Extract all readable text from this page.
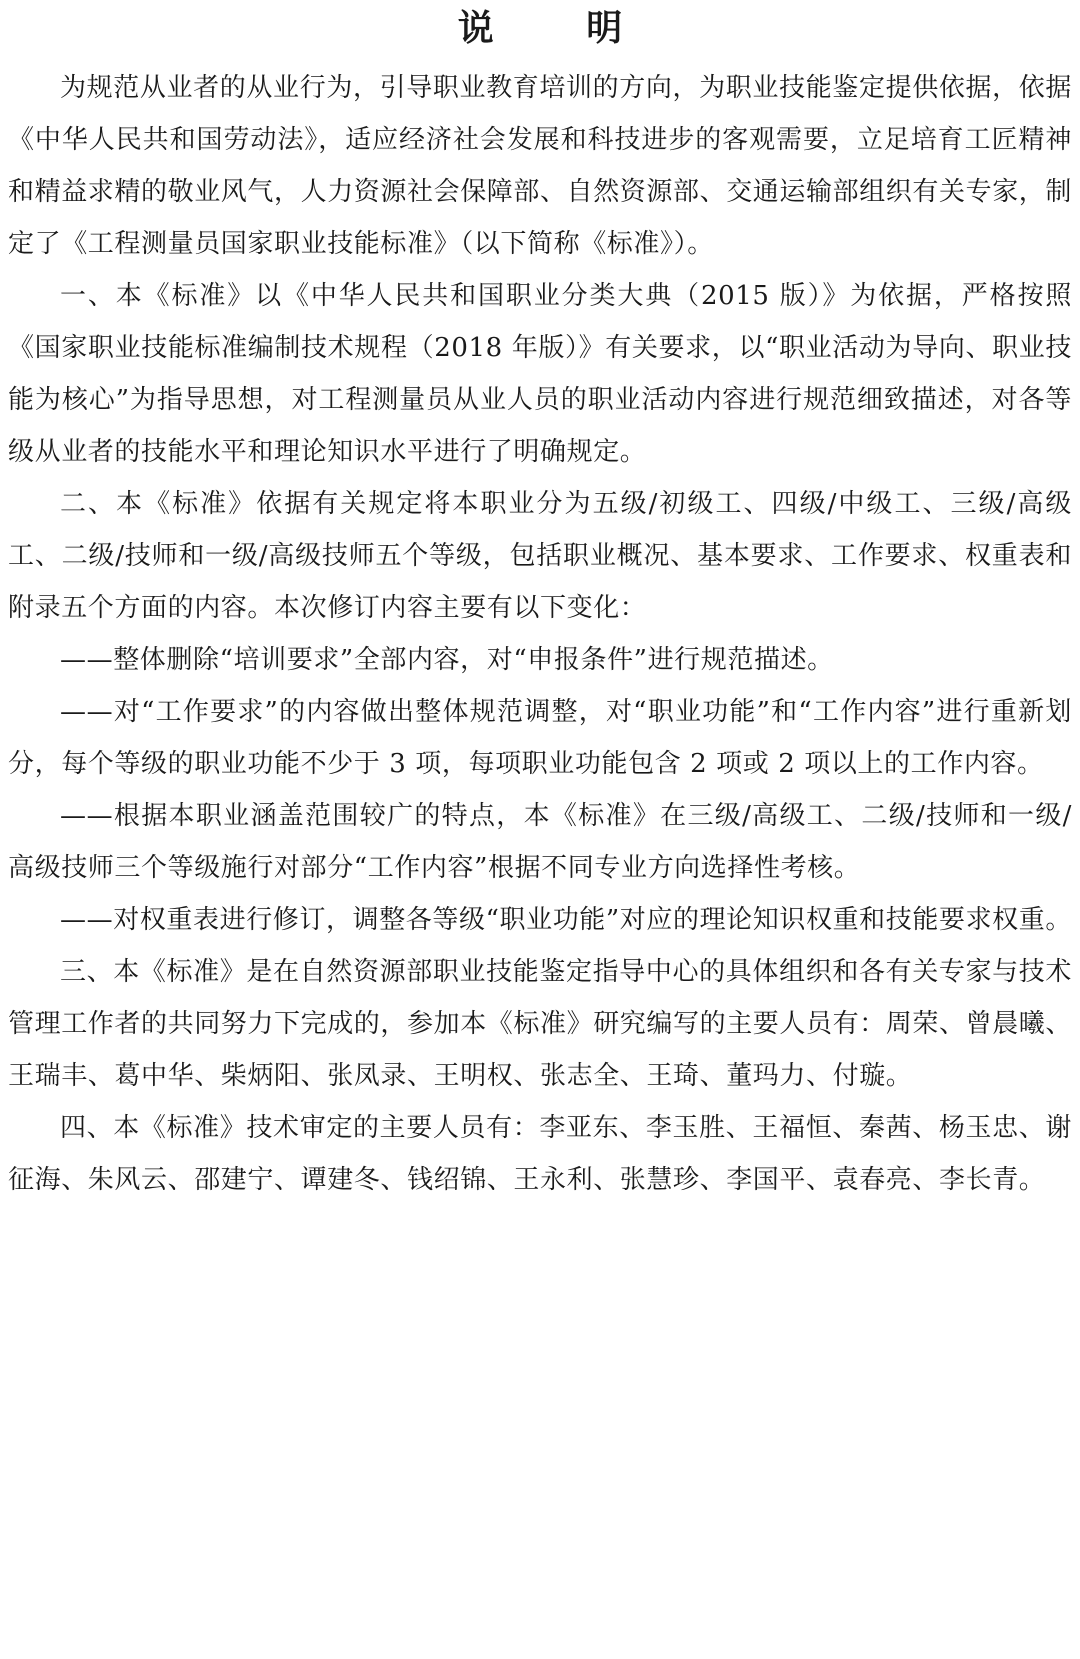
说 明

为规范从业者的从业行为，引导职业教育培训的方向，为职业技能鉴定提供依据，依据《中华人民共和国劳动法》，适应经济社会发展和科技进步的客观需要，立足培育工匠精神和精益求精的敬业风气，人力资源社会保障部、自然资源部、交通运输部组织有关专家，制定了《工程测量员国家职业技能标准》（以下简称《标准》）。

一、本《标准》以《中华人民共和国职业分类大典（2015 版）》为依据，严格按照《国家职业技能标准编制技术规程（2018 年版）》有关要求，以“职业活动为导向、职业技能为核心”为指导思想，对工程测量员从业人员的职业活动内容进行规范细致描述，对各等级从业者的技能水平和理论知识水平进行了明确规定。

二、本《标准》依据有关规定将本职业分为五级/初级工、四级/中级工、三级/高级工、二级/技师和一级/高级技师五个等级，包括职业概况、基本要求、工作要求、权重表和附录五个方面的内容。本次修订内容主要有以下变化：

——整体删除“培训要求”全部内容，对“申报条件”进行规范描述。

——对“工作要求”的内容做出整体规范调整，对“职业功能”和“工作内容”进行重新划分，每个等级的职业功能不少于 3 项，每项职业功能包含 2 项或 2 项以上的工作内容。

——根据本职业涵盖范围较广的特点，本《标准》在三级/高级工、二级/技师和一级/高级技师三个等级施行对部分“工作内容”根据不同专业方向选择性考核。

——对权重表进行修订，调整各等级“职业功能”对应的理论知识权重和技能要求权重。

三、本《标准》是在自然资源部职业技能鉴定指导中心的具体组织和各有关专家与技术管理工作者的共同努力下完成的，参加本《标准》研究编写的主要人员有：周荣、曾晨曦、王瑞丰、葛中华、柴炳阳、张凤录、王明权、张志全、王琦、董玛力、付璇。

四、本《标准》技术审定的主要人员有：李亚东、李玉胜、王福恒、秦茜、杨玉忠、谢征海、朱风云、邵建宁、谭建冬、钱绍锦、王永利、张慧珍、李国平、袁春亮、李长青。
